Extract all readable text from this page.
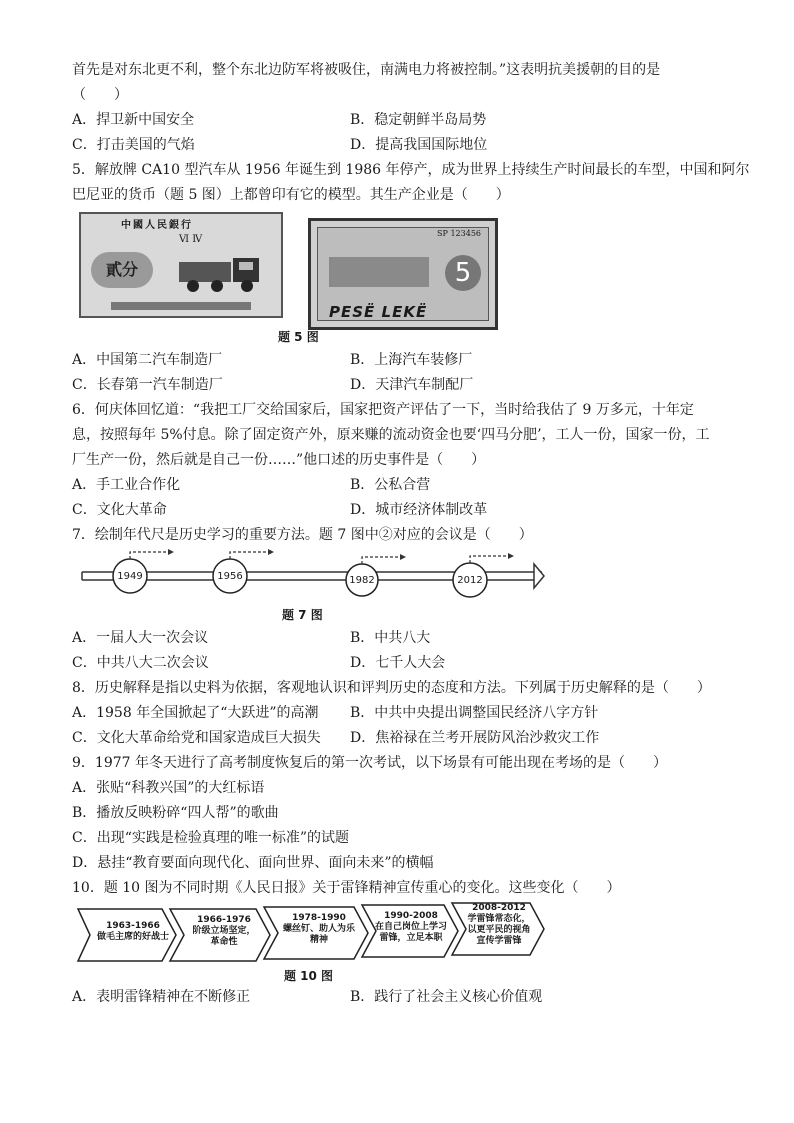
首先是对东北更不利，整个东北边防军将被吸住，南满电力将被控制。”这表明抗美援朝的目的是
（　　）
A．捍卫新中国安全	B．稳定朝鲜半岛局势
C．打击美国的气焰	D．提高我国国际地位
5．解放牌 CA10 型汽车从 1956 年诞生到 1986 年停产，成为世界上持续生产时间最长的车型，中国和阿尔
巴尼亚的货币（题 5 图）上都曾印有它的模型。其生产企业是（　　）
中國人民銀行
Ⅵ Ⅳ
貳分
SP 123456
5
PESË LEKË
题 5 图
A．中国第二汽车制造厂	B．上海汽车装修厂
C．长春第一汽车制造厂	D．天津汽车制配厂
6．何庆体回忆道：“我把工厂交给国家后，国家把资产评估了一下，当时给我估了 9 万多元，十年定
息，按照每年 5%付息。除了固定资产外，原来赚的流动资金也要‘四马分肥’，工人一份，国家一份，工
厂生产一份，然后就是自己一份……”他口述的历史事件是（　　）
A．手工业合作化	B．公私合营
C．文化大革命	D．城市经济体制改革
7．绘制年代尺是历史学习的重要方法。题 7 图中②对应的会议是（　　）
1949	1956	1982	2012
题 7 图
A．一届人大一次会议	B．中共八大
C．中共八大二次会议	D．七千人大会
8．历史解释是指以史料为依据，客观地认识和评判历史的态度和方法。下列属于历史解释的是（　　）
A．1958 年全国掀起了“大跃进”的高潮	B．中共中央提出调整国民经济八字方针
C．文化大革命给党和国家造成巨大损失	D．焦裕禄在兰考开展防风治沙救灾工作
9．1977 年冬天进行了高考制度恢复后的第一次考试，以下场景有可能出现在考场的是（　　）
A．张贴“科教兴国”的大红标语
B．播放反映粉碎“四人帮”的歌曲
C．出现“实践是检验真理的唯一标准”的试题
D．悬挂“教育要面向现代化、面向世界、面向未来”的横幅
10．题 10 图为不同时期《人民日报》关于雷锋精神宣传重心的变化。这些变化（　　）
1963-1966
做毛主席的好战士
1966-1976
阶级立场坚定，
革命性
1978-1990
螺丝钉、助人为乐
精神
1990-2008
在自己岗位上学习
雷锋，立足本职
2008-2012
学雷锋常态化，
以更平民的视角
宣传学雷锋
题 10 图
A．表明雷锋精神在不断修正	B．践行了社会主义核心价值观
